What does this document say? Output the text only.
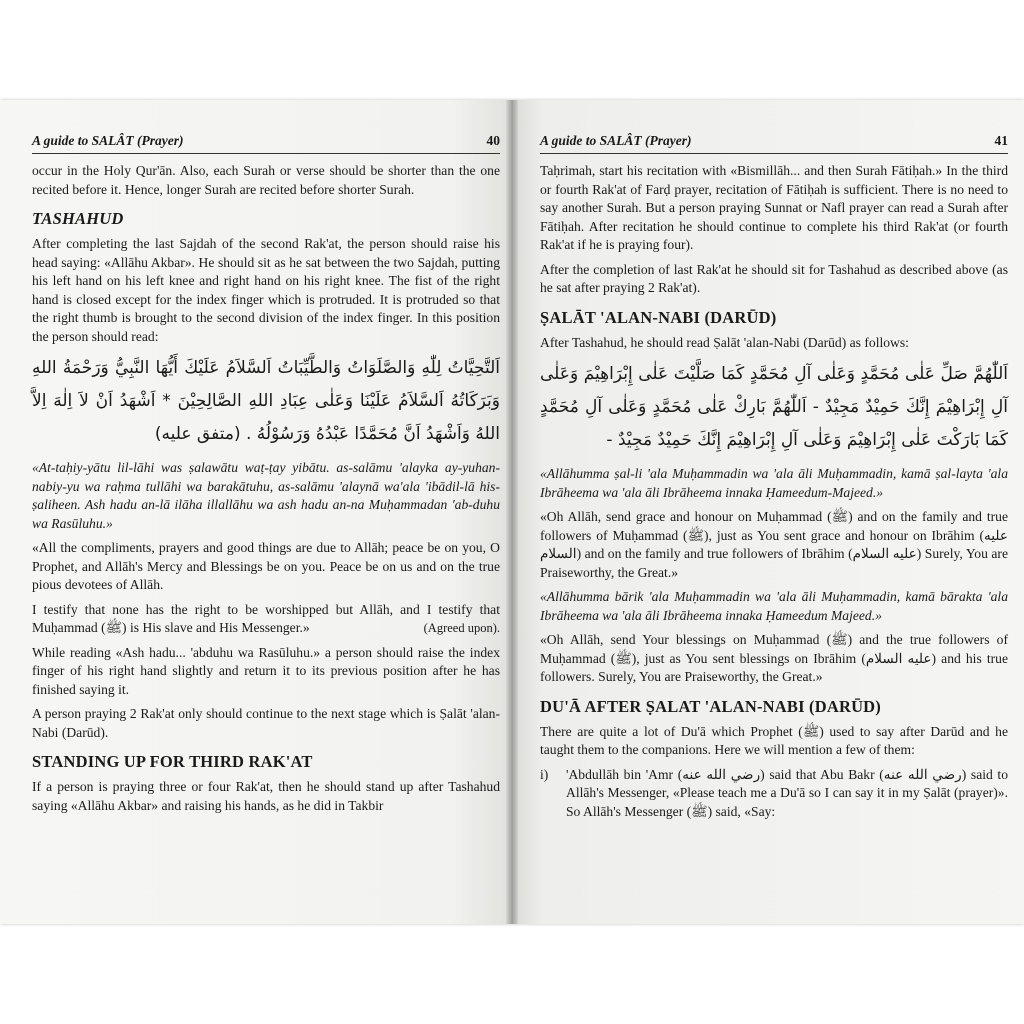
A guide to SALÂT (Prayer)	40

occur in the Holy Qur'ān. Also, each Surah or verse should be shorter than the one recited before it. Hence, longer Surah are recited before shorter Surah.

TASHAHUD

After completing the last Sajdah of the second Rak'at, the person should raise his head saying: «Allāhu Akbar». He should sit as he sat between the two Sajdah, putting his left hand on his left knee and right hand on his right knee. The fist of the right hand is closed except for the index finger which is protruded. It is protruded so that the right thumb is brought to the second division of the index finger. In this position the person should read:

اَلتَّحِيَّاتُ لِلّٰهِ وَالصَّلَوَاتُ وَالطَّيِّبَاتُ اَلسَّلاَمُ عَلَيْكَ أَيُّهَا النَّبِيُّ وَرَحْمَةُ اللهِ وَبَرَكَاتُهُ اَلسَّلاَمُ عَلَيْنَا وَعَلٰى عِبَادِ اللهِ الصَّالِحِيْنَ * اَشْهَدُ اَنْ لاَ اِلٰهَ اِلاَّ اللهُ وَاَشْهَدُ اَنَّ مُحَمَّدًا عَبْدُهُ وَرَسُوْلُهُ . (متفق عليه)

«At-taḥiy-yātu lil-lāhi was ṣalawātu waṭ-ṭay yibātu. as-salāmu 'alayka ay-yuhan-nabiy-yu wa raḥma tullāhi wa barakātuhu, as-salāmu 'alaynā wa'ala 'ibādil-lā his-ṣaliheen. Ash hadu an-lā ilāha illallāhu wa ash hadu an-na Muḥammadan 'ab-duhu wa Rasūluhu.»

«All the compliments, prayers and good things are due to Allāh; peace be on you, O Prophet, and Allāh's Mercy and Blessings be on you. Peace be on us and on the true pious devotees of Allāh.

I testify that none has the right to be worshipped but Allāh, and I testify that Muḥammad (ﷺ) is His slave and His Messenger.»	(Agreed upon).

While reading «Ash hadu... 'abduhu wa Rasūluhu.» a person should raise the index finger of his right hand slightly and return it to its previous position after he has finished saying it.

A person praying 2 Rak'at only should continue to the next stage which is Ṣalāt 'alan-Nabi (Darūd).

STANDING UP FOR THIRD RAK'AT

If a person is praying three or four Rak'at, then he should stand up after Tashahud saying «Allāhu Akbar» and raising his hands, as he did in Takbir

A guide to SALÂT (Prayer)	41

Taḥrimah, start his recitation with «Bismillāh... and then Surah Fātiḥah.» In the third or fourth Rak'at of Farḍ prayer, recitation of Fātiḥah is sufficient. There is no need to say another Surah. But a person praying Sunnat or Nafl prayer can read a Surah after Fātiḥah. After recitation he should continue to complete his third Rak'at (or fourth Rak'at if he is praying four).

After the completion of last Rak'at he should sit for Tashahud as described above (as he sat after praying 2 Rak'at).

ṢALĀT 'ALAN-NABI (DARŪD)

After Tashahud, he should read Ṣalāt 'alan-Nabi (Darūd) as follows:

اَللّٰهُمَّ صَلِّ عَلٰى مُحَمَّدٍ وَعَلٰى آلِ مُحَمَّدٍ كَمَا صَلَّيْتَ عَلٰى إِبْرَاهِيْمَ وَعَلٰى آلِ إِبْرَاهِيْمَ إِنَّكَ حَمِيْدٌ مَجِيْدٌ - اَللّٰهُمَّ بَارِكْ عَلٰى مُحَمَّدٍ وَعَلٰى آلِ مُحَمَّدٍ كَمَا بَارَكْتَ عَلٰى إِبْرَاهِيْمَ وَعَلٰى آلِ إِبْرَاهِيْمَ إِنَّكَ حَمِيْدٌ مَجِيْدٌ -

«Allāhumma ṣal-li 'ala Muḥammadin wa 'ala āli Muḥammadin, kamā ṣal-layta 'ala Ibrāheema wa 'ala āli Ibrāheema innaka Ḥameedum-Majeed.»

«Oh Allāh, send grace and honour on Muḥammad (ﷺ) and on the family and true followers of Muḥammad (ﷺ), just as You sent grace and honour on Ibrāhim (عليه السلام) and on the family and true followers of Ibrāhim (عليه السلام) Surely, You are Praiseworthy, the Great.»

«Allāhumma bārik 'ala Muḥammadin wa 'ala āli Muḥammadin, kamā bārakta 'ala Ibrāheema wa 'ala āli Ibrāheema innaka Ḥameedum Majeed.»

«Oh Allāh, send Your blessings on Muḥammad (ﷺ) and the true followers of Muḥammad (ﷺ), just as You sent blessings on Ibrāhim (عليه السلام) and his true followers. Surely, You are Praiseworthy, the Great.»

DU'Ā AFTER ṢALAT 'ALAN-NABI (DARŪD)

There are quite a lot of Du'ā which Prophet (ﷺ) used to say after Darūd and he taught them to the companions. Here we will mention a few of them:

i)	'Abdullāh bin 'Amr (رضي الله عنه) said that Abu Bakr (رضي الله عنه) said to Allāh's Messenger, «Please teach me a Du'ā so I can say it in my Ṣalāt (prayer)». So Allāh's Messenger (ﷺ) said, «Say:
